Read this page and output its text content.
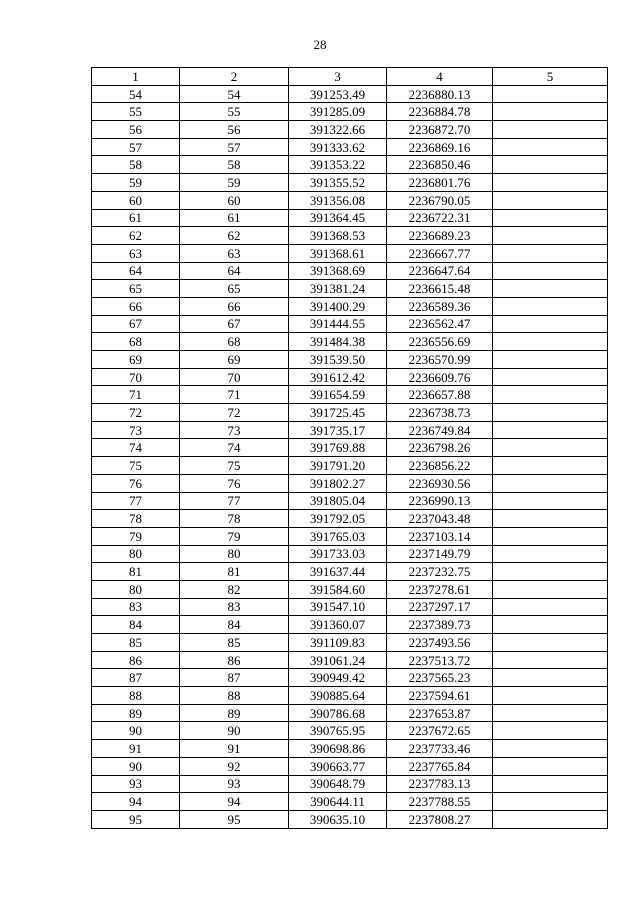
28
1	2	3	4	5
54	54	391253.49	2236880.13	
55	55	391285.09	2236884.78	
56	56	391322.66	2236872.70	
57	57	391333.62	2236869.16	
58	58	391353.22	2236850.46	
59	59	391355.52	2236801.76	
60	60	391356.08	2236790.05	
61	61	391364.45	2236722.31	
62	62	391368.53	2236689.23	
63	63	391368.61	2236667.77	
64	64	391368.69	2236647.64	
65	65	391381.24	2236615.48	
66	66	391400.29	2236589.36	
67	67	391444.55	2236562.47	
68	68	391484.38	2236556.69	
69	69	391539.50	2236570.99	
70	70	391612.42	2236609.76	
71	71	391654.59	2236657.88	
72	72	391725.45	2236738.73	
73	73	391735.17	2236749.84	
74	74	391769.88	2236798.26	
75	75	391791.20	2236856.22	
76	76	391802.27	2236930.56	
77	77	391805.04	2236990.13	
78	78	391792.05	2237043.48	
79	79	391765.03	2237103.14	
80	80	391733.03	2237149.79	
81	81	391637.44	2237232.75	
80	82	391584.60	2237278.61	
83	83	391547.10	2237297.17	
84	84	391360.07	2237389.73	
85	85	391109.83	2237493.56	
86	86	391061.24	2237513.72	
87	87	390949.42	2237565.23	
88	88	390885.64	2237594.61	
89	89	390786.68	2237653.87	
90	90	390765.95	2237672.65	
91	91	390698.86	2237733.46	
90	92	390663.77	2237765.84	
93	93	390648.79	2237783.13	
94	94	390644.11	2237788.55	
95	95	390635.10	2237808.27	
